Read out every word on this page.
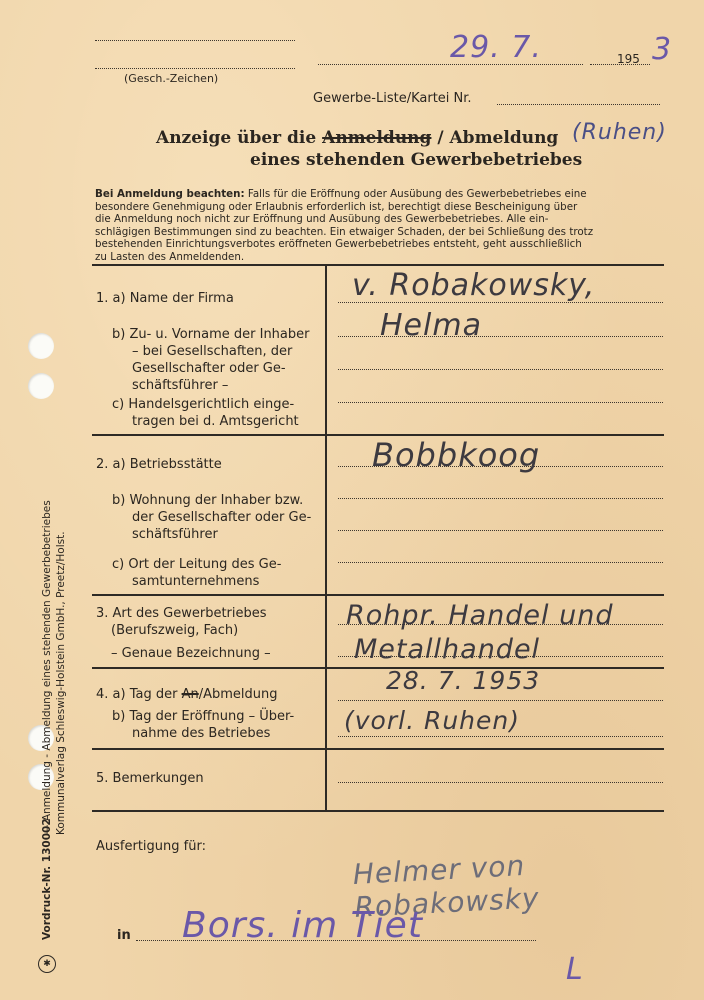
(Gesch.-Zeichen)
29. 7.	195 3
Gewerbe-Liste/Kartei Nr.
Anzeige über die Anmeldung / Abmeldung (Ruhen)
eines stehenden Gewerbebetriebes
Bei Anmeldung beachten: Falls für die Eröffnung oder Ausübung des Gewerbebetriebes eine
besondere Genehmigung oder Erlaubnis erforderlich ist, berechtigt diese Bescheinigung über
die Anmeldung noch nicht zur Eröffnung und Ausübung des Gewerbebetriebes. Alle ein-
schlägigen Bestimmungen sind zu beachten. Ein etwaiger Schaden, der bei Schließung des trotz
bestehenden Einrichtungsverbotes eröffneten Gewerbebetriebes entsteht, geht ausschließlich
zu Lasten des Anmeldenden.
1. a) Name der Firma
b) Zu- u. Vorname der Inhaber
– bei Gesellschaften, der
Gesellschafter oder Ge-
schäftsführer –
c) Handelsgerichtlich einge-
tragen bei d. Amtsgericht
2. a) Betriebsstätte
b) Wohnung der Inhaber bzw.
der Gesellschafter oder Ge-
schäftsführer
c) Ort der Leitung des Ge-
samtunternehmens
3. Art des Gewerbetriebes
(Berufszweig, Fach)
– Genaue Bezeichnung –
4. a) Tag der An/Abmeldung
b) Tag der Eröffnung – Über-
nahme des Betriebes
5. Bemerkungen
v. Robakowsky,
Helma
Bobbkoog
Rohpr. Handel und
Metallhandel
28. 7. 1953
(vorl. Ruhen)
Ausfertigung für:
Helmer von Robakowsky
in Bors. im Tiet
L
Vordruck-Nr. 130002
— Anmeldung - Abmeldung eines stehenden Gewerbebetriebes Kommunalverlag Schleswig-Holstein GmbH., Preetz/Holst.
✱
